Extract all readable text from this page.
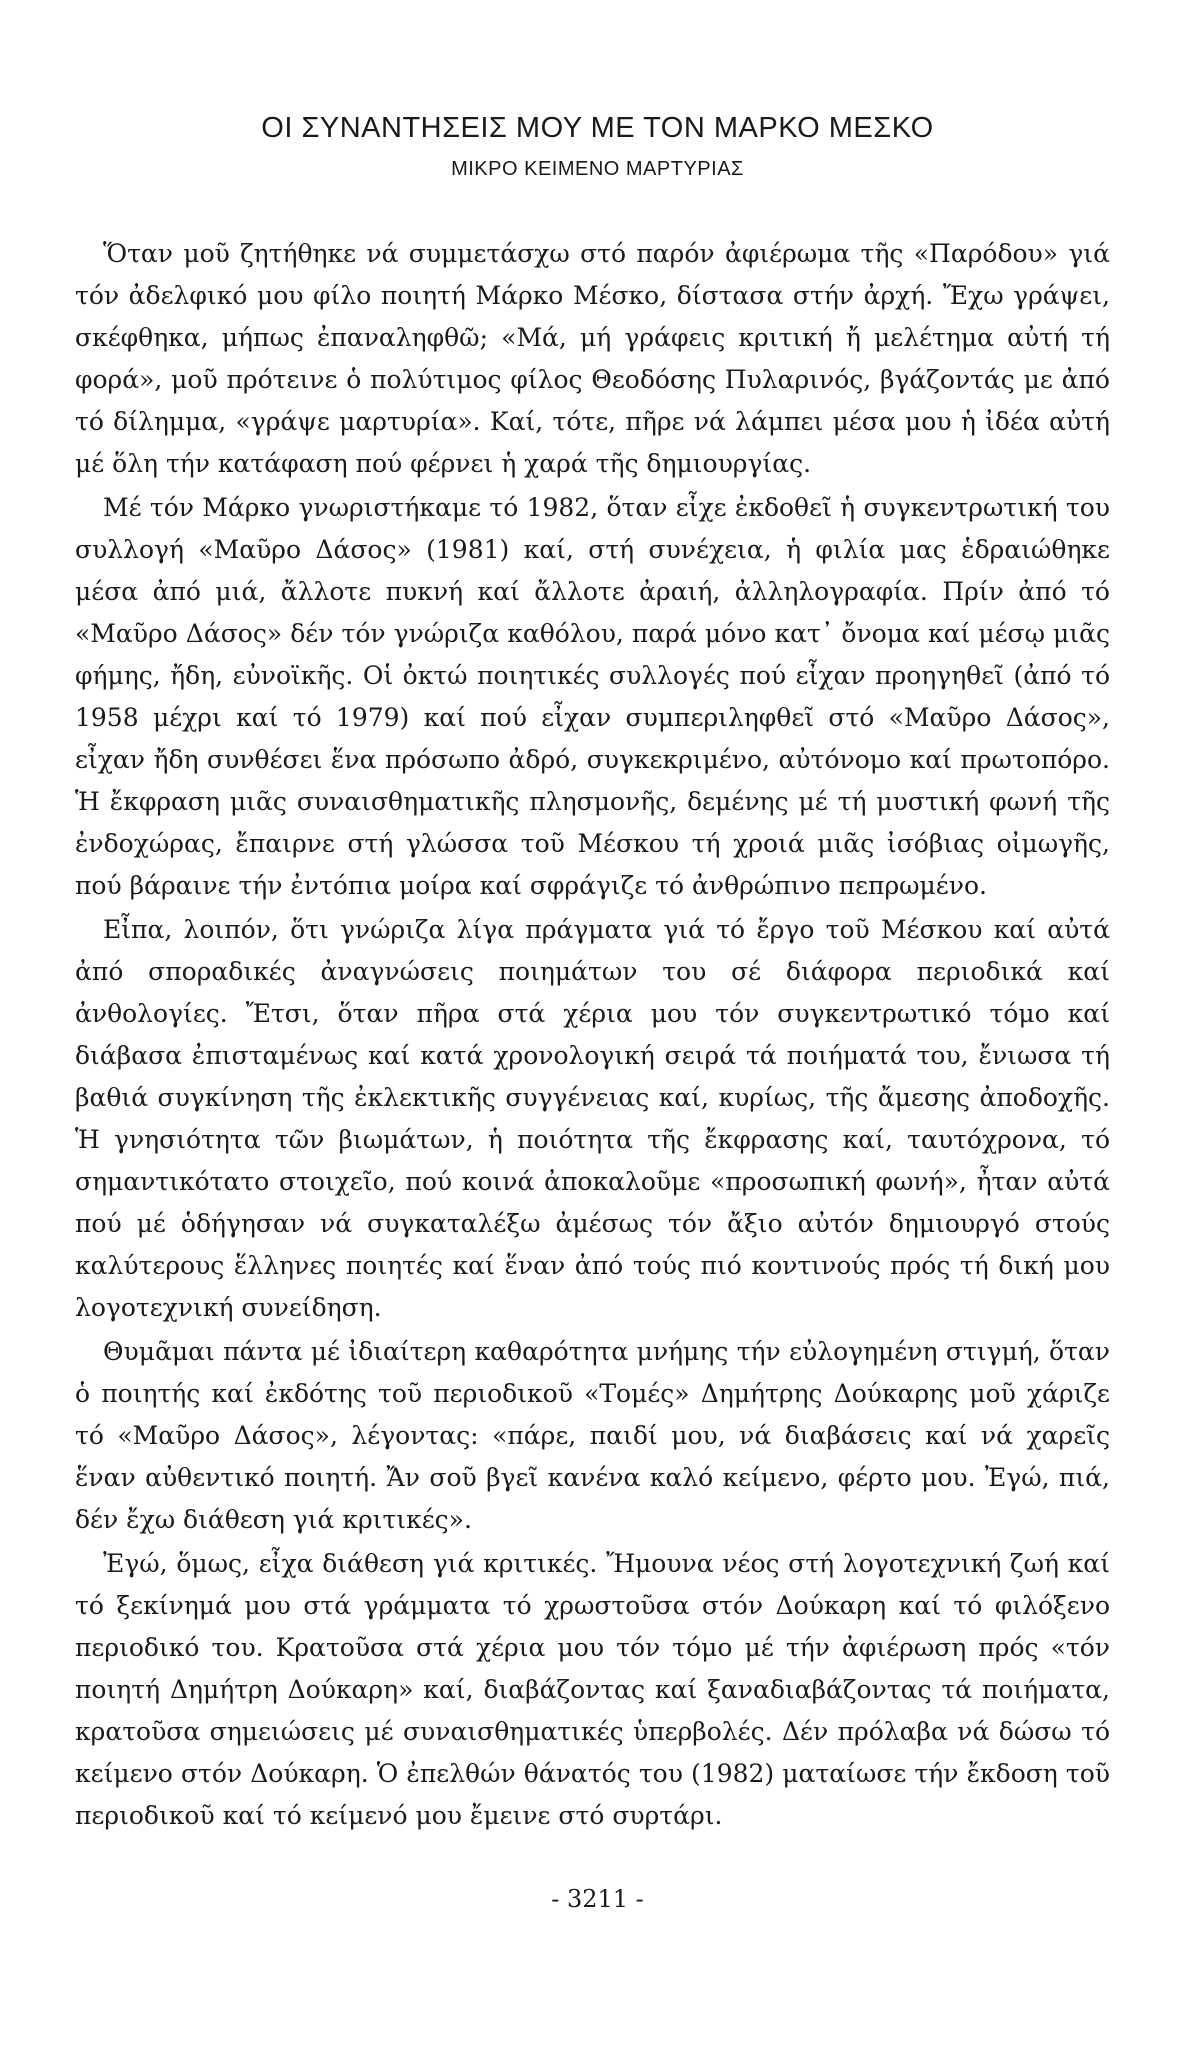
ΟΙ ΣΥΝΑΝΤΗΣΕΙΣ ΜΟΥ ΜΕ ΤΟΝ ΜΑΡΚΟ ΜΕΣΚΟ
ΜΙΚΡΟ ΚΕΙΜΕΝΟ ΜΑΡΤΥΡΙΑΣ

Ὅταν μοῦ ζητήθηκε νά συμμετάσχω στό παρόν ἀφιέρωμα τῆς «Παρόδου» γιά τόν ἀδελφικό μου φίλο ποιητή Μάρκο Μέσκο, δίστασα στήν ἀρχή. Ἔχω γράψει, σκέφθηκα, μήπως ἐπαναληφθῶ; «Μά, μή γράφεις κριτική ἤ μελέτημα αὐτή τή φορά», μοῦ πρότεινε ὁ πολύτιμος φίλος Θεοδόσης Πυλαρινός, βγάζοντάς με ἀπό τό δίλημμα, «γράψε μαρτυρία». Καί, τότε, πῆρε νά λάμπει μέσα μου ἡ ἰδέα αὐτή μέ ὅλη τήν κατάφαση πού φέρνει ἡ χαρά τῆς δημιουργίας.

Μέ τόν Μάρκο γνωριστήκαμε τό 1982, ὅταν εἶχε ἐκδοθεῖ ἡ συγκεντρωτική του συλλογή «Μαῦρο Δάσος» (1981) καί, στή συνέχεια, ἡ φιλία μας ἑδραιώθηκε μέσα ἀπό μιά, ἄλλοτε πυκνή καί ἄλλοτε ἀραιή, ἀλληλογραφία. Πρίν ἀπό τό «Μαῦρο Δάσος» δέν τόν γνώριζα καθόλου, παρά μόνο κατ᾽ ὄνομα καί μέσῳ μιᾶς φήμης, ἤδη, εὐνοϊκῆς. Οἱ ὀκτώ ποιητικές συλλογές πού εἶχαν προηγηθεῖ (ἀπό τό 1958 μέχρι καί τό 1979) καί πού εἶχαν συμπεριληφθεῖ στό «Μαῦρο Δάσος», εἶχαν ἤδη συνθέσει ἕνα πρόσωπο ἀδρό, συγκεκριμένο, αὐτόνομο καί πρωτοπόρο. Ἡ ἔκφραση μιᾶς συναισθηματικῆς πλησμονῆς, δεμένης μέ τή μυστική φωνή τῆς ἐνδοχώρας, ἔπαιρνε στή γλώσσα τοῦ Μέσκου τή χροιά μιᾶς ἰσόβιας οἰμωγῆς, πού βάραινε τήν ἐντόπια μοίρα καί σφράγιζε τό ἀνθρώπινο πεπρωμένο.

Εἶπα, λοιπόν, ὅτι γνώριζα λίγα πράγματα γιά τό ἔργο τοῦ Μέσκου καί αὐτά ἀπό σποραδικές ἀναγνώσεις ποιημάτων του σέ διάφορα περιοδικά καί ἀνθολογίες. Ἔτσι, ὅταν πῆρα στά χέρια μου τόν συγκεντρωτικό τόμο καί διάβασα ἐπισταμένως καί κατά χρονολογική σειρά τά ποιήματά του, ἔνιωσα τή βαθιά συγκίνηση τῆς ἐκλεκτικῆς συγγένειας καί, κυρίως, τῆς ἄμεσης ἀποδοχῆς. Ἡ γνησιότητα τῶν βιωμάτων, ἡ ποιότητα τῆς ἔκφρασης καί, ταυτόχρονα, τό σημαντικότατο στοιχεῖο, πού κοινά ἀποκαλοῦμε «προσωπική φωνή», ἦταν αὐτά πού μέ ὁδήγησαν νά συγκαταλέξω ἀμέσως τόν ἄξιο αὐτόν δημιουργό στούς καλύτερους ἕλληνες ποιητές καί ἕναν ἀπό τούς πιό κοντινούς πρός τή δική μου λογοτεχνική συνείδηση.

Θυμᾶμαι πάντα μέ ἰδιαίτερη καθαρότητα μνήμης τήν εὐλογημένη στιγμή, ὅταν ὁ ποιητής καί ἐκδότης τοῦ περιοδικοῦ «Τομές» Δημήτρης Δούκαρης μοῦ χάριζε τό «Μαῦρο Δάσος», λέγοντας: «πάρε, παιδί μου, νά διαβάσεις καί νά χαρεῖς ἕναν αὐθεντικό ποιητή. Ἄν σοῦ βγεῖ κανένα καλό κείμενο, φέρτο μου. Ἐγώ, πιά, δέν ἔχω διάθεση γιά κριτικές».

Ἐγώ, ὅμως, εἶχα διάθεση γιά κριτικές. Ἤμουνα νέος στή λογοτεχνική ζωή καί τό ξεκίνημά μου στά γράμματα τό χρωστοῦσα στόν Δούκαρη καί τό φιλόξενο περιοδικό του. Κρατοῦσα στά χέρια μου τόν τόμο μέ τήν ἀφιέρωση πρός «τόν ποιητή Δημήτρη Δούκαρη» καί, διαβάζοντας καί ξαναδιαβάζοντας τά ποιήματα, κρατοῦσα σημειώσεις μέ συναισθηματικές ὑπερβολές. Δέν πρόλαβα νά δώσω τό κείμενο στόν Δούκαρη. Ὁ ἐπελθών θάνατός του (1982) ματαίωσε τήν ἔκδοση τοῦ περιοδικοῦ καί τό κείμενό μου ἔμεινε στό συρτάρι.

- 3211 -
